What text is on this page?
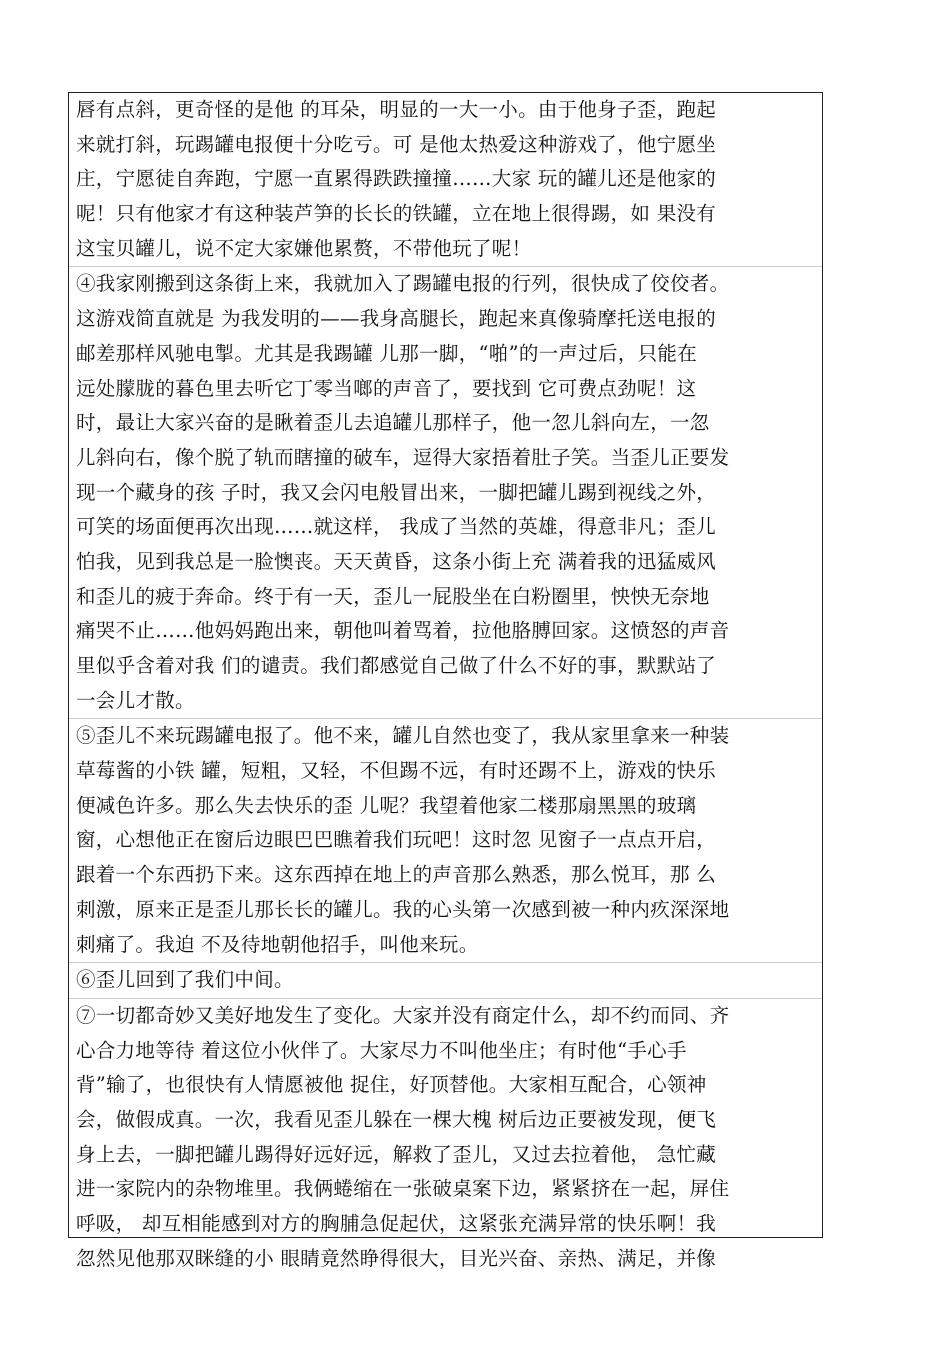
唇有点斜，更奇怪的是他 的耳朵，明显的一大一小。由于他身子歪，跑起
来就打斜，玩踢罐电报便十分吃亏。可 是他太热爱这种游戏了，他宁愿坐
庄，宁愿徒自奔跑，宁愿一直累得跌跌撞撞……大家 玩的罐儿还是他家的
呢！只有他家才有这种装芦笋的长长的铁罐，立在地上很得踢，如 果没有
这宝贝罐儿，说不定大家嫌他累赘，不带他玩了呢！
④我家刚搬到这条街上来，我就加入了踢罐电报的行列，很快成了佼佼者。
这游戏简直就是 为我发明的——我身高腿长，跑起来真像骑摩托送电报的
邮差那样风驰电掣。尤其是我踢罐 儿那一脚，“啪”的一声过后，只能在
远处朦胧的暮色里去听它丁零当啷的声音了，要找到 它可费点劲呢！这
时，最让大家兴奋的是瞅着歪儿去追罐儿那样子，他一忽儿斜向左，一忽
儿斜向右，像个脱了轨而瞎撞的破车，逗得大家捂着肚子笑。当歪儿正要发
现一个藏身的孩 子时，我又会闪电般冒出来，一脚把罐儿踢到视线之外，
可笑的场面便再次出现……就这样， 我成了当然的英雄，得意非凡；歪儿
怕我，见到我总是一脸懊丧。天天黄昏，这条小街上充 满着我的迅猛威风
和歪儿的疲于奔命。终于有一天，歪儿一屁股坐在白粉圈里，怏怏无奈地
痛哭不止……他妈妈跑出来，朝他叫着骂着，拉他胳膊回家。这愤怒的声音
里似乎含着对我 们的谴责。我们都感觉自己做了什么不好的事，默默站了
一会儿才散。
⑤歪儿不来玩踢罐电报了。他不来，罐儿自然也变了，我从家里拿来一种装
草莓酱的小铁 罐，短粗，又轻，不但踢不远，有时还踢不上，游戏的快乐
便减色许多。那么失去快乐的歪 儿呢？我望着他家二楼那扇黑黑的玻璃
窗，心想他正在窗后边眼巴巴瞧着我们玩吧！这时忽 见窗子一点点开启，
跟着一个东西扔下来。这东西掉在地上的声音那么熟悉，那么悦耳，那 么
刺激，原来正是歪儿那长长的罐儿。我的心头第一次感到被一种内疚深深地
刺痛了。我迫 不及待地朝他招手，叫他来玩。
⑥歪儿回到了我们中间。
⑦一切都奇妙又美好地发生了变化。大家并没有商定什么，却不约而同、齐
心合力地等待 着这位小伙伴了。大家尽力不叫他坐庄；有时他“手心手
背”输了，也很快有人情愿被他 捉住，好顶替他。大家相互配合，心领神
会，做假成真。一次，我看见歪儿躲在一棵大槐 树后边正要被发现，便飞
身上去，一脚把罐儿踢得好远好远，解救了歪儿，又过去拉着他， 急忙藏
进一家院内的杂物堆里。我俩蜷缩在一张破桌案下边，紧紧挤在一起，屏住
呼吸， 却互相能感到对方的胸脯急促起伏，这紧张充满异常的快乐啊！我
忽然见他那双眯缝的小 眼睛竟然睁得很大，目光兴奋、亲热、满足，并像
